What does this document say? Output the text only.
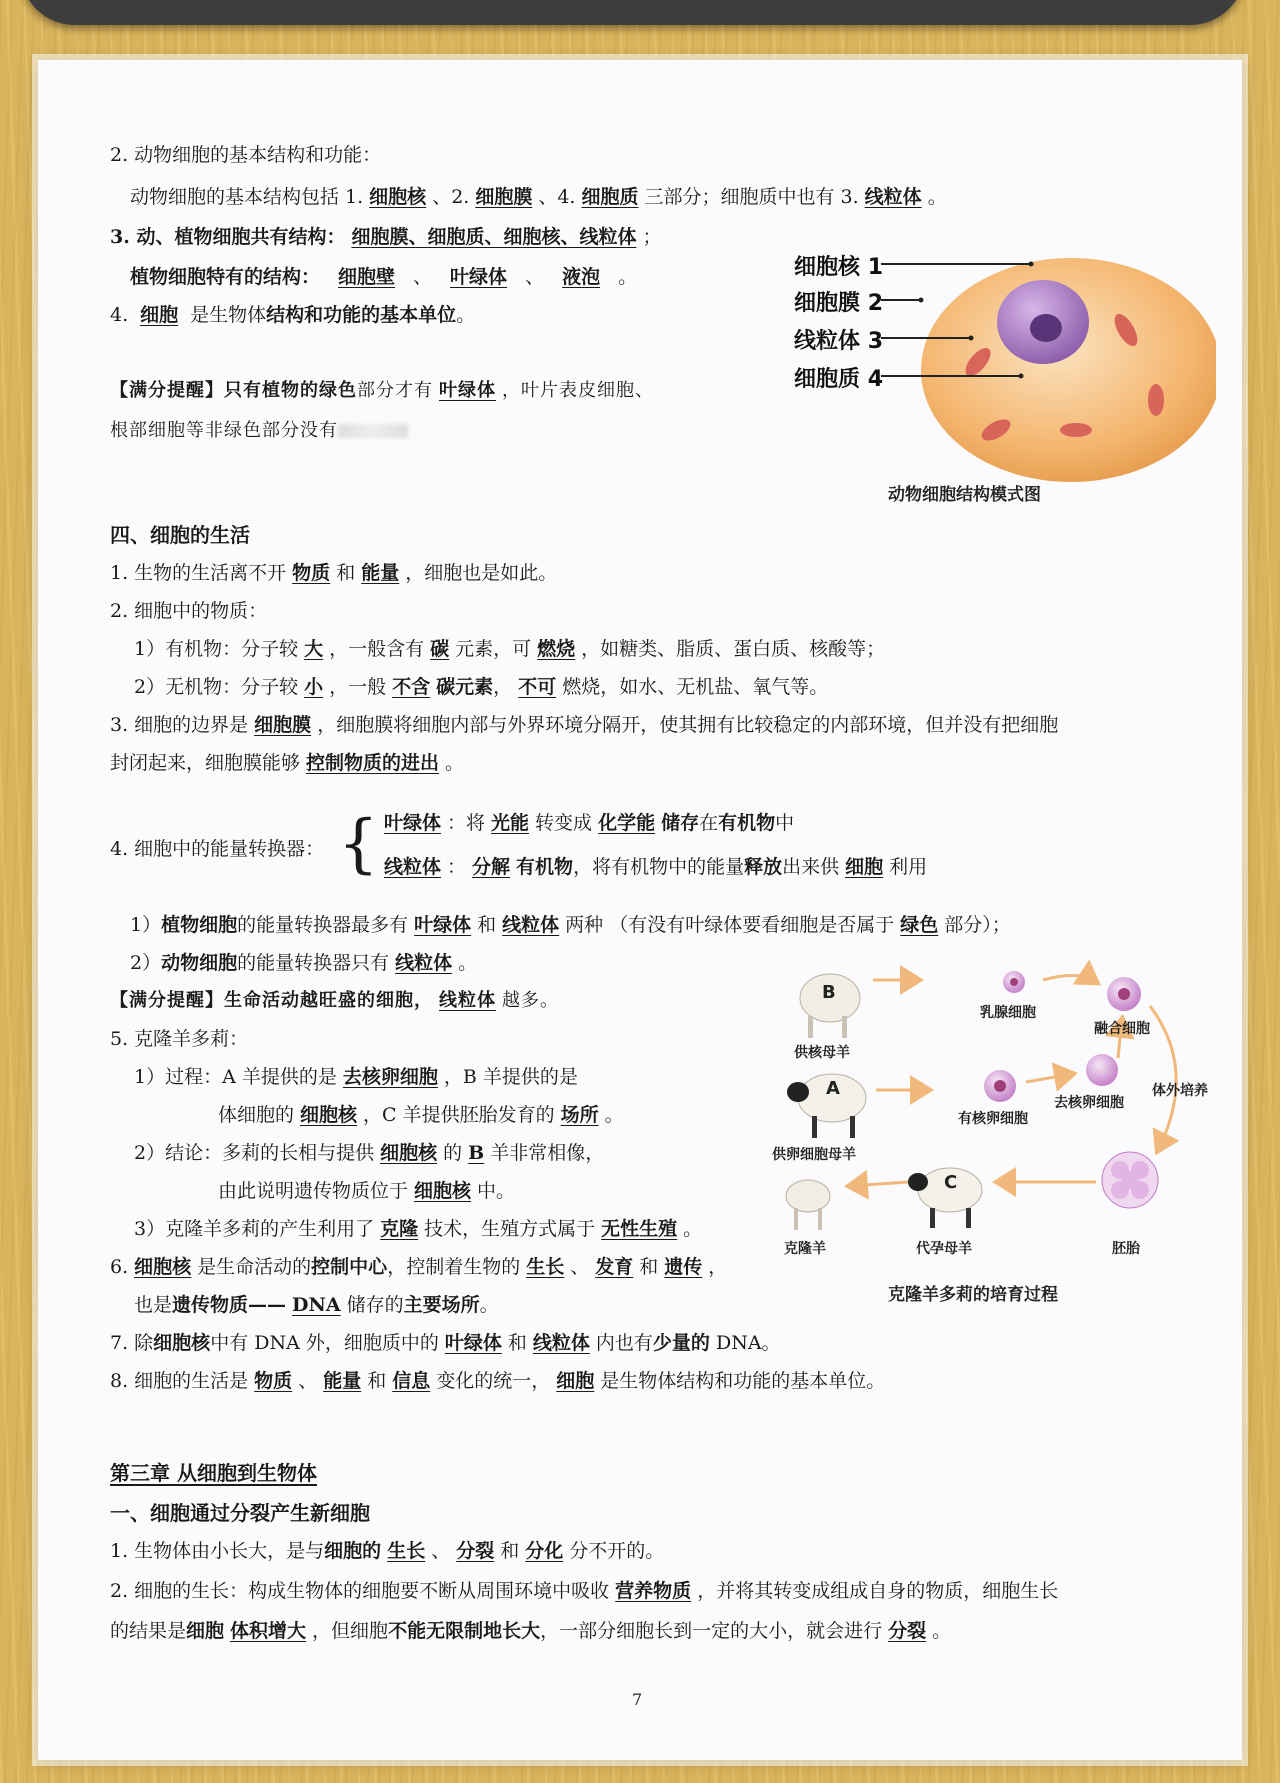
2. 动物细胞的基本结构和功能：
动物细胞的基本结构包括 1. 细胞核 、2. 细胞膜 、4. 细胞质 三部分；细胞质中也有 3. 线粒体 。
3. 动、植物细胞共有结构： 细胞膜、细胞质、细胞核、线粒体 ；
植物细胞特有的结构： 细胞壁 、 叶绿体 、 液泡 。
4. 细胞 是生物体结构和功能的基本单位。
【满分提醒】只有植物的绿色部分才有 叶绿体 ，叶片表皮细胞、
根部细胞等非绿色部分没有
细胞核 1
细胞膜 2
线粒体 3
细胞质 4
动物细胞结构模式图
四、细胞的生活
1. 生物的生活离不开 物质 和 能量 ，细胞也是如此。
2. 细胞中的物质：
1）有机物：分子较 大 ，一般含有 碳 元素，可 燃烧 ，如糖类、脂质、蛋白质、核酸等；
2）无机物：分子较 小 ，一般 不含 碳元素， 不可 燃烧，如水、无机盐、氧气等。
3. 细胞的边界是 细胞膜 ，细胞膜将细胞内部与外界环境分隔开，使其拥有比较稳定的内部环境，但并没有把细胞
封闭起来，细胞膜能够 控制物质的进出 。
4. 细胞中的能量转换器： { 叶绿体 ：将 光能 转变成 化学能 储存在有机物中
线粒体 ： 分解 有机物，将有机物中的能量释放出来供 细胞 利用
1）植物细胞的能量转换器最多有 叶绿体 和 线粒体 两种 （有没有叶绿体要看细胞是否属于 绿色 部分）；
2）动物细胞的能量转换器只有 线粒体 。
【满分提醒】生命活动越旺盛的细胞， 线粒体 越多。
5. 克隆羊多莉：
1）过程：A 羊提供的是 去核卵细胞 ，B 羊提供的是
体细胞的 细胞核 ，C 羊提供胚胎发育的 场所 。
2）结论：多莉的长相与提供 细胞核 的 B 羊非常相像，
由此说明遗传物质位于 细胞核 中。
3）克隆羊多莉的产生利用了 克隆 技术，生殖方式属于 无性生殖 。
6. 细胞核 是生命活动的控制中心，控制着生物的 生长 、 发育 和 遗传 ，
也是遗传物质—— DNA 储存的主要场所。
7. 除细胞核中有 DNA 外，细胞质中的 叶绿体 和 线粒体 内也有少量的 DNA。
8. 细胞的生活是 物质 、 能量 和 信息 变化的统一， 细胞 是生物体结构和功能的基本单位。
B
A
C
供核母羊
乳腺细胞
融合细胞
供卵细胞母羊
有核卵细胞
去核卵细胞
体外培养
克隆羊	代孕母羊	胚胎
克隆羊多莉的培育过程
第三章 从细胞到生物体
一、细胞通过分裂产生新细胞
1. 生物体由小长大，是与细胞的 生长 、 分裂 和 分化 分不开的。
2. 细胞的生长：构成生物体的细胞要不断从周围环境中吸收 营养物质 ，并将其转变成组成自身的物质，细胞生长
的结果是细胞 体积增大 ，但细胞不能无限制地长大，一部分细胞长到一定的大小，就会进行 分裂 。
7
